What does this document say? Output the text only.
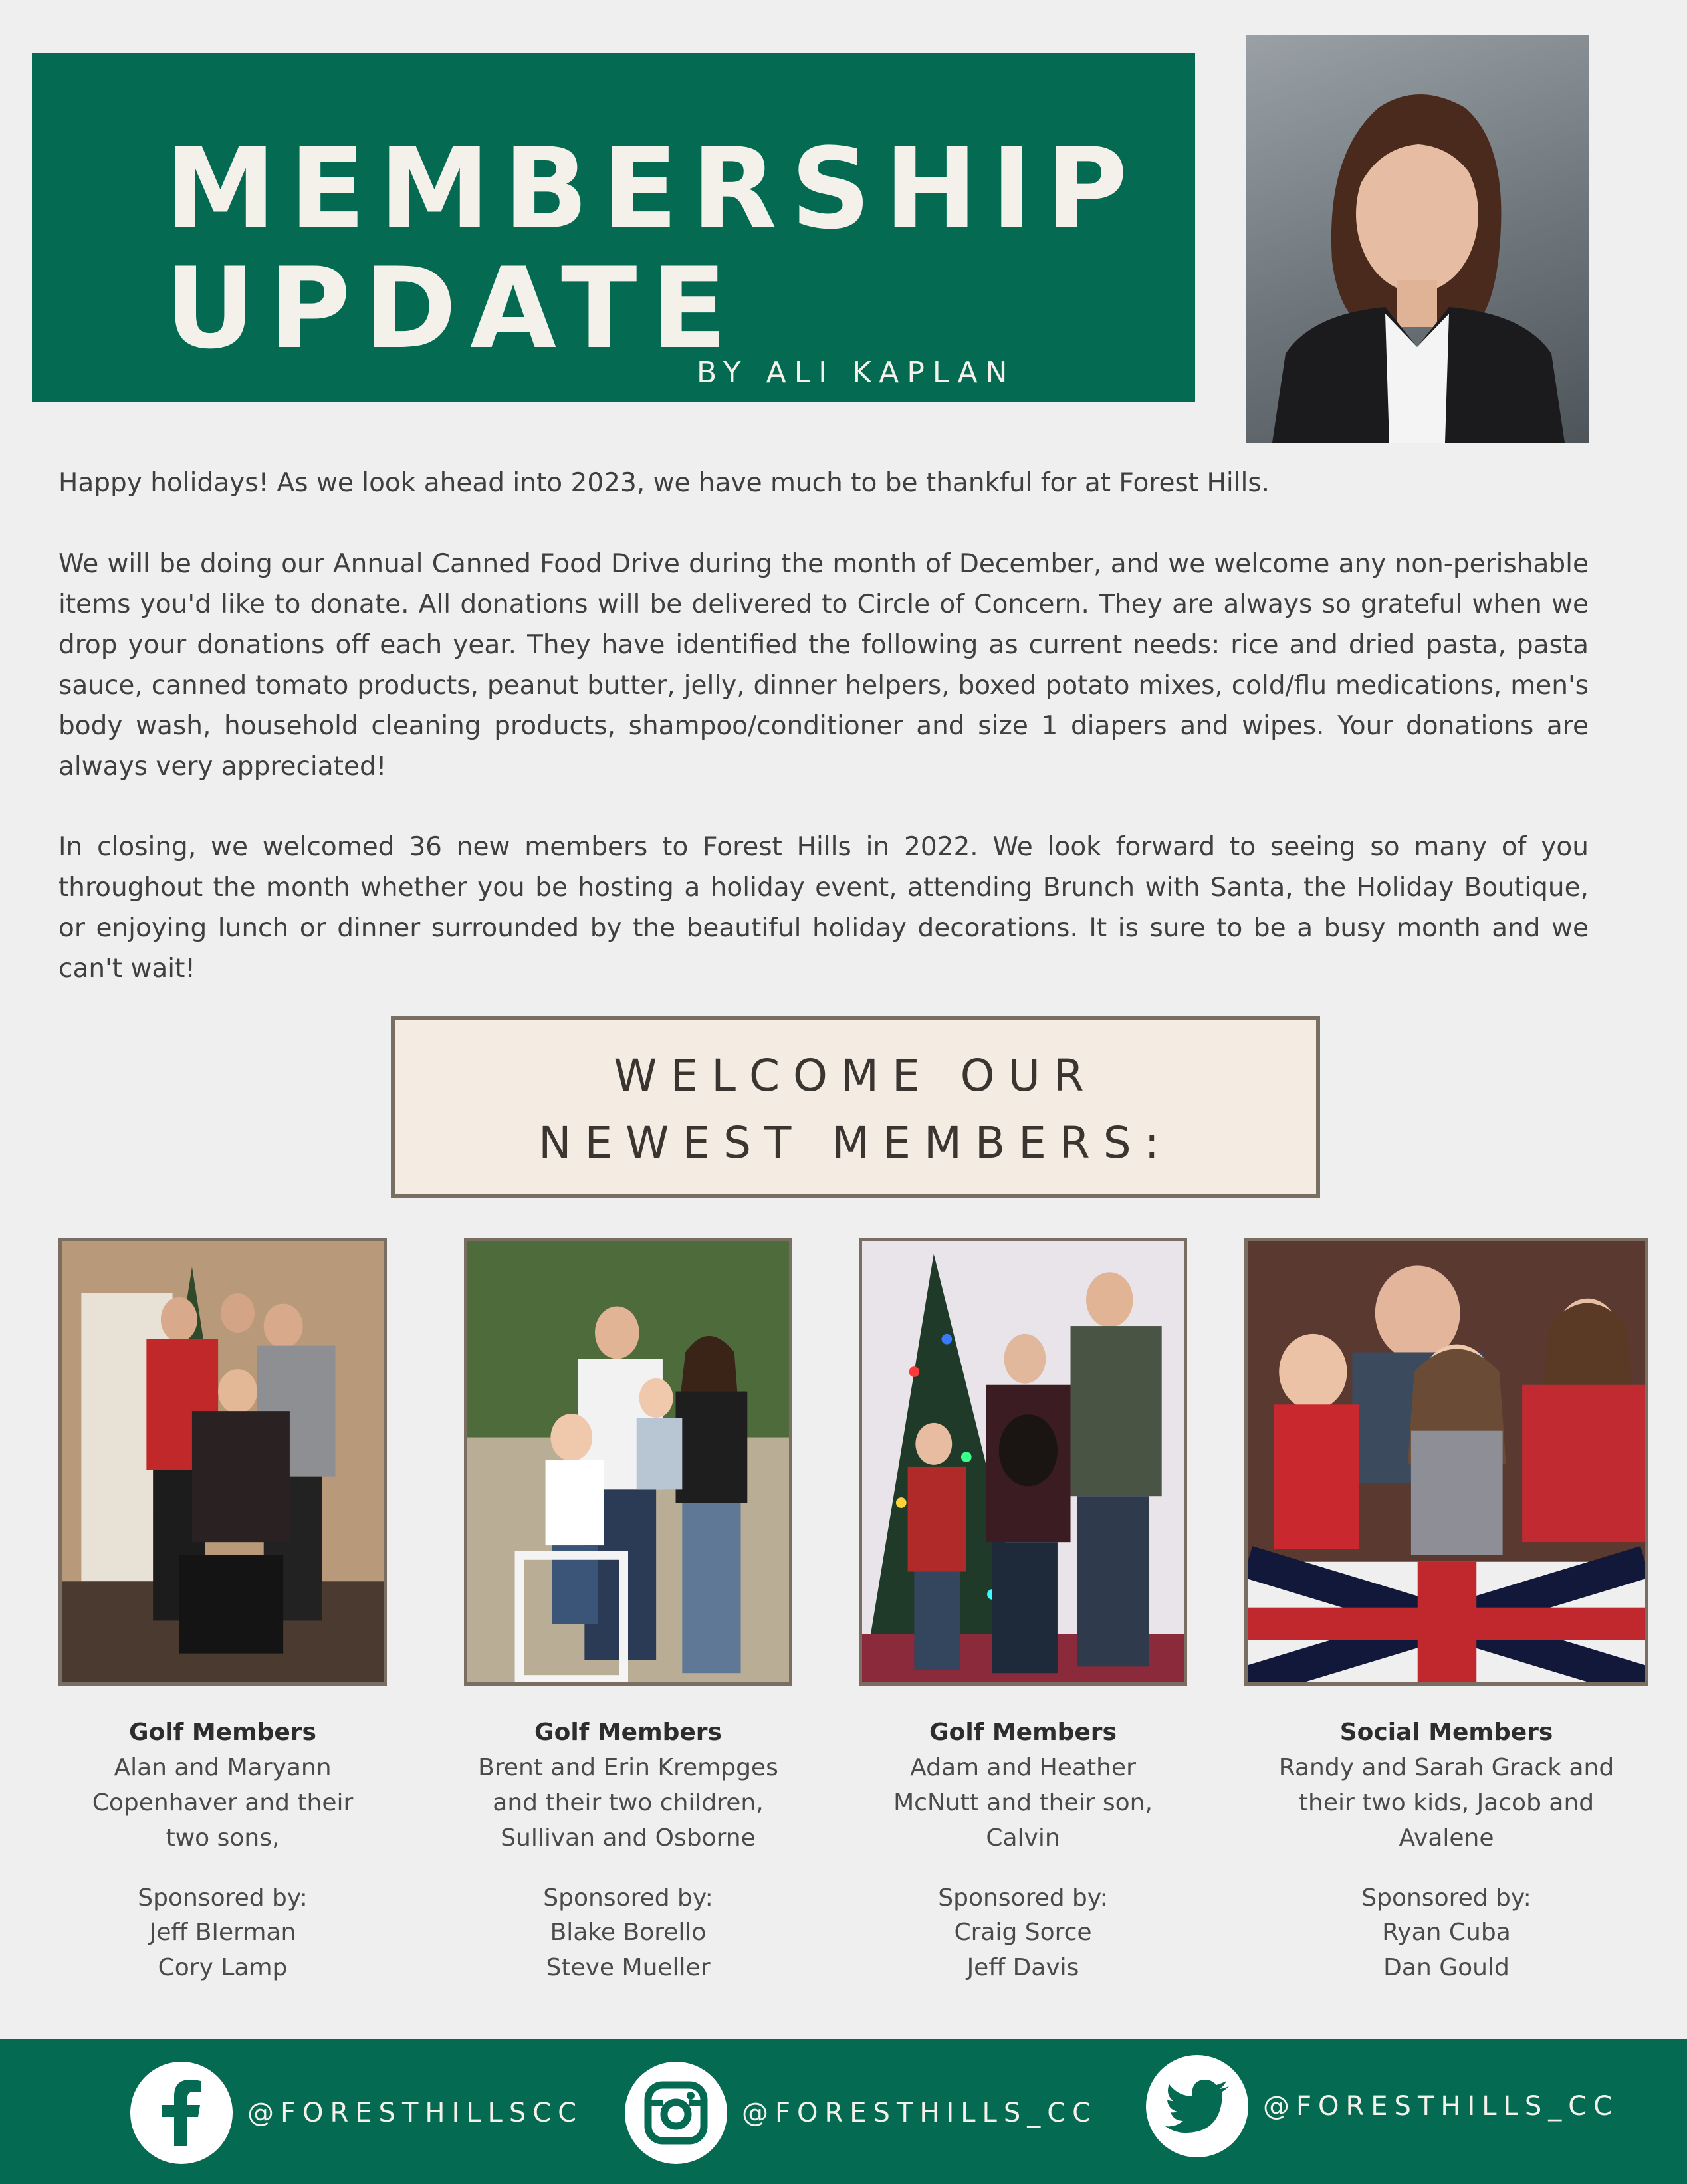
MEMBERSHIP
UPDATE
BY ALI KAPLAN
Happy holidays! As we look ahead into 2023, we have much to be thankful for at Forest Hills.
We will be doing our Annual Canned Food Drive during the month of December, and we welcome any non-perishable items you'd like to donate. All donations will be delivered to Circle of Concern. They are always so grateful when we drop your donations off each year. They have identified the following as current needs: rice and dried pasta, pasta sauce, canned tomato products, peanut butter, jelly, dinner helpers, boxed potato mixes, cold/flu medications, men's body wash, household cleaning products, shampoo/conditioner and size 1 diapers and wipes. Your donations are always very appreciated!
In closing, we welcomed 36 new members to Forest Hills in 2022. We look forward to seeing so many of you throughout the month whether you be hosting a holiday event, attending Brunch with Santa, the Holiday Boutique, or enjoying lunch or dinner surrounded by the beautiful holiday decorations. It is sure to be a busy month and we can't wait!
WELCOME OUR
NEWEST MEMBERS:
Golf Members
Alan and Maryann
Copenhaver and their
two sons,
Sponsored by:
Jeff BIerman
Cory Lamp
Golf Members
Brent and Erin Krempges
and their two children,
Sullivan and Osborne
Sponsored by:
Blake Borello
Steve Mueller
Golf Members
Adam and Heather
McNutt and their son,
Calvin
Sponsored by:
Craig Sorce
Jeff Davis
Social Members
Randy and Sarah Grack and
their two kids, Jacob and
Avalene
Sponsored by:
Ryan Cuba
Dan Gould
@FORESTHILLSCC	@FORESTHILLS_CC	@FORESTHILLS_CC
